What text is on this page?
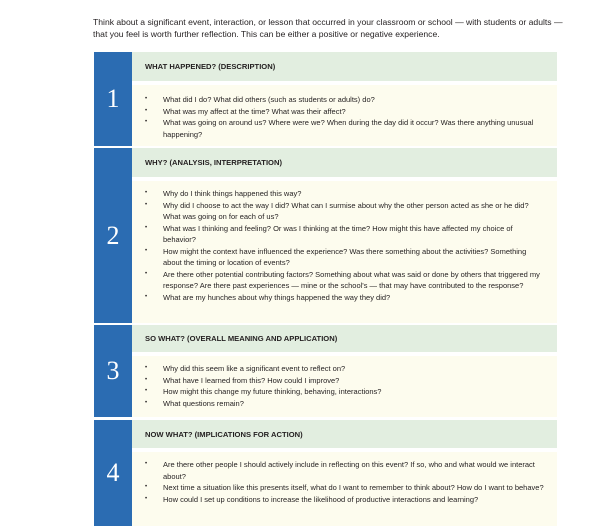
Think about a significant event, interaction, or lesson that occurred in your classroom or school — with students or adults — that you feel is worth further reflection. This can be either a positive or negative experience.
1
WHAT HAPPENED? (DESCRIPTION)
• What did I do? What did others (such as students or adults) do?
• What was my affect at the time? What was their affect?
• What was going on around us? Where were we? When during the day did it occur? Was there anything unusual happening?
2
WHY? (ANALYSIS, INTERPRETATION)
• Why do I think things happened this way?
• Why did I choose to act the way I did? What can I surmise about why the other person acted as she or he did? What was going on for each of us?
• What was I thinking and feeling? Or was I thinking at the time? How might this have affected my choice of behavior?
• How might the context have influenced the experience? Was there something about the activities? Something about the timing or location of events?
• Are there other potential contributing factors? Something about what was said or done by others that triggered my response? Are there past experiences — mine or the school's — that may have contributed to the response?
• What are my hunches about why things happened the way they did?
3
SO WHAT? (OVERALL MEANING AND APPLICATION)
• Why did this seem like a significant event to reflect on?
• What have I learned from this? How could I improve?
• How might this change my future thinking, behaving, interactions?
• What questions remain?
4
NOW WHAT? (IMPLICATIONS FOR ACTION)
• Are there other people I should actively include in reflecting on this event? If so, who and what would we interact about?
• Next time a situation like this presents itself, what do I want to remember to think about? How do I want to behave?
• How could I set up conditions to increase the likelihood of productive interactions and learning?
